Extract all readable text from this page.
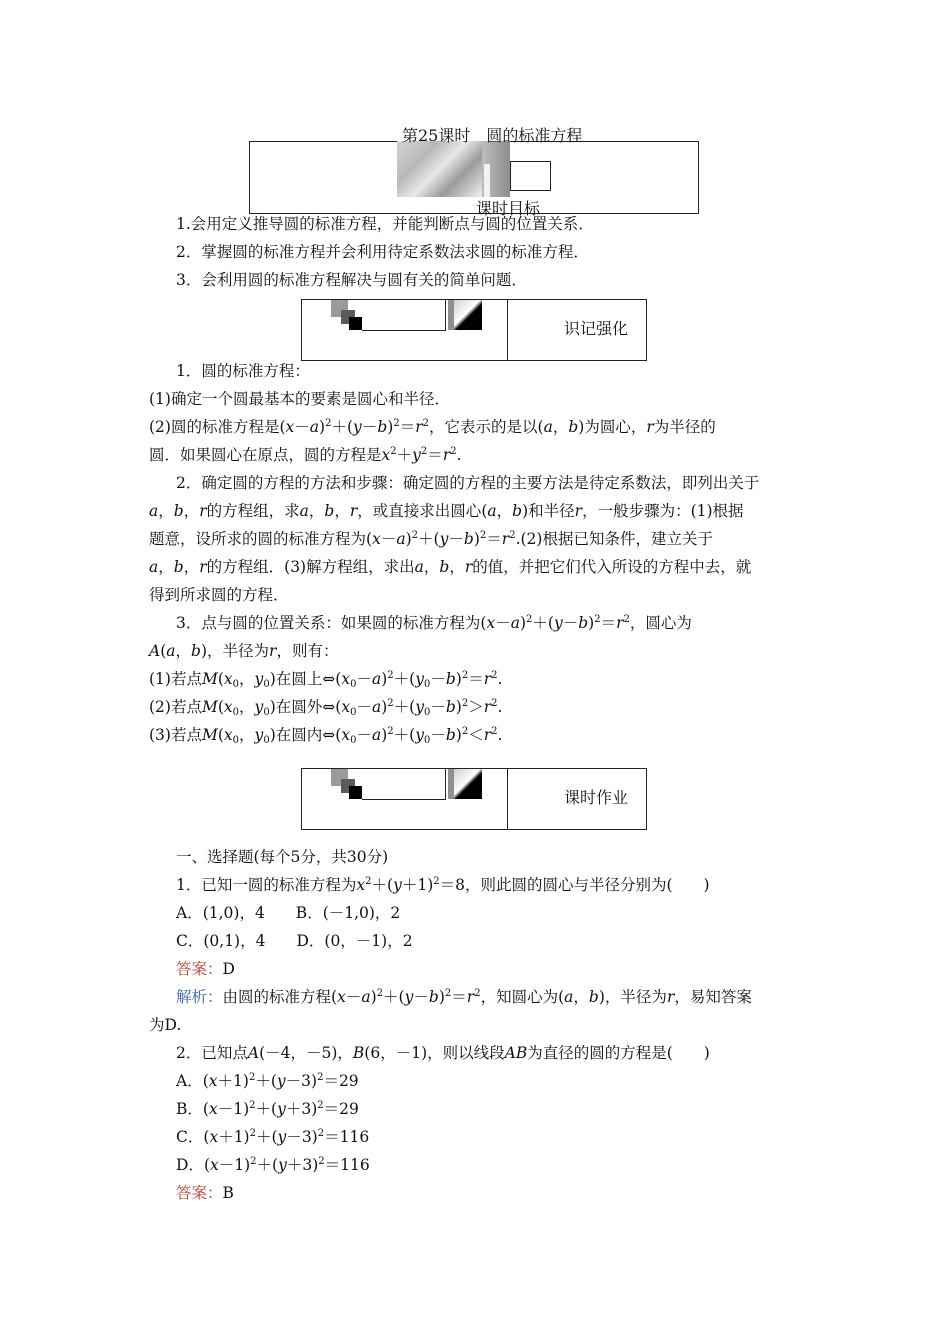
第25课时　圆的标准方程
课时目标
1.会用定义推导圆的标准方程，并能判断点与圆的位置关系．
2．掌握圆的标准方程并会利用待定系数法求圆的标准方程．
3．会利用圆的标准方程解决与圆有关的简单问题．
识记强化
1．圆的标准方程：
(1)确定一个圆最基本的要素是圆心和半径．
(2)圆的标准方程是$(x-a)^2+(y-b)^2=r^2$，它表示的是以(a，b)为圆心，r为半径的
圆．如果圆心在原点，圆的方程是$x^2+y^2=r^2$.
2．确定圆的方程的方法和步骤：确定圆的方程的主要方法是待定系数法，即列出关于
a，b，r的方程组，求a，b，r，或直接求出圆心(a，b)和半径r，一般步骤为：(1)根据
题意，设所求的圆的标准方程为$(x-a)^2+(y-b)^2=r^2.(2)$根据已知条件，建立关于
a，b，r的方程组．(3)解方程组，求出a，b，r的值，并把它们代入所设的方程中去，就
得到所求圆的方程．
3．点与圆的位置关系：如果圆的标准方程为$(x-a)^2+(y-b)^2=r^2$，圆心为
A(a，b)，半径为r，则有：
(1)若点$M(x_0$，$y_0$)在圆上$\Leftrightarrow(x_0-a)^2+(y_0-b)^2=r^2$.
(2)若点$M(x_0$，$y_0$)在圆外$\Leftrightarrow(x_0-a)^2+(y_0-b)^2>r^2$.
(3)若点$M(x_0$，$y_0$)在圆内$\Leftrightarrow(x_0-a)^2+(y_0-b)^2<r^2$.
课时作业
一、选择题(每个5分，共30分)
1．已知一圆的标准方程为$x^2+(y+1)^2=8$，则此圆的圆心与半径分别为(　　)
A．(1,0)，4　　B．(－1,0)，2
C．(0,1)，4　　D．(0，－1)，2
答案：D
解析：由圆的标准方程$(x-a)^2+(y-b)^2=r^2$，知圆心为(a，b)，半径为r，易知答案
为D.
2．已知点A(－4，－5)，B(6，－1)，则以线段AB为直径的圆的方程是(　　)
A．$(x+1)^2+(y-3)^2=29$
B．$(x-1)^2+(y+3)^2=29$
C．$(x+1)^2+(y-3)^2=116$
D．$(x-1)^2+(y+3)^2=116$
答案：B
